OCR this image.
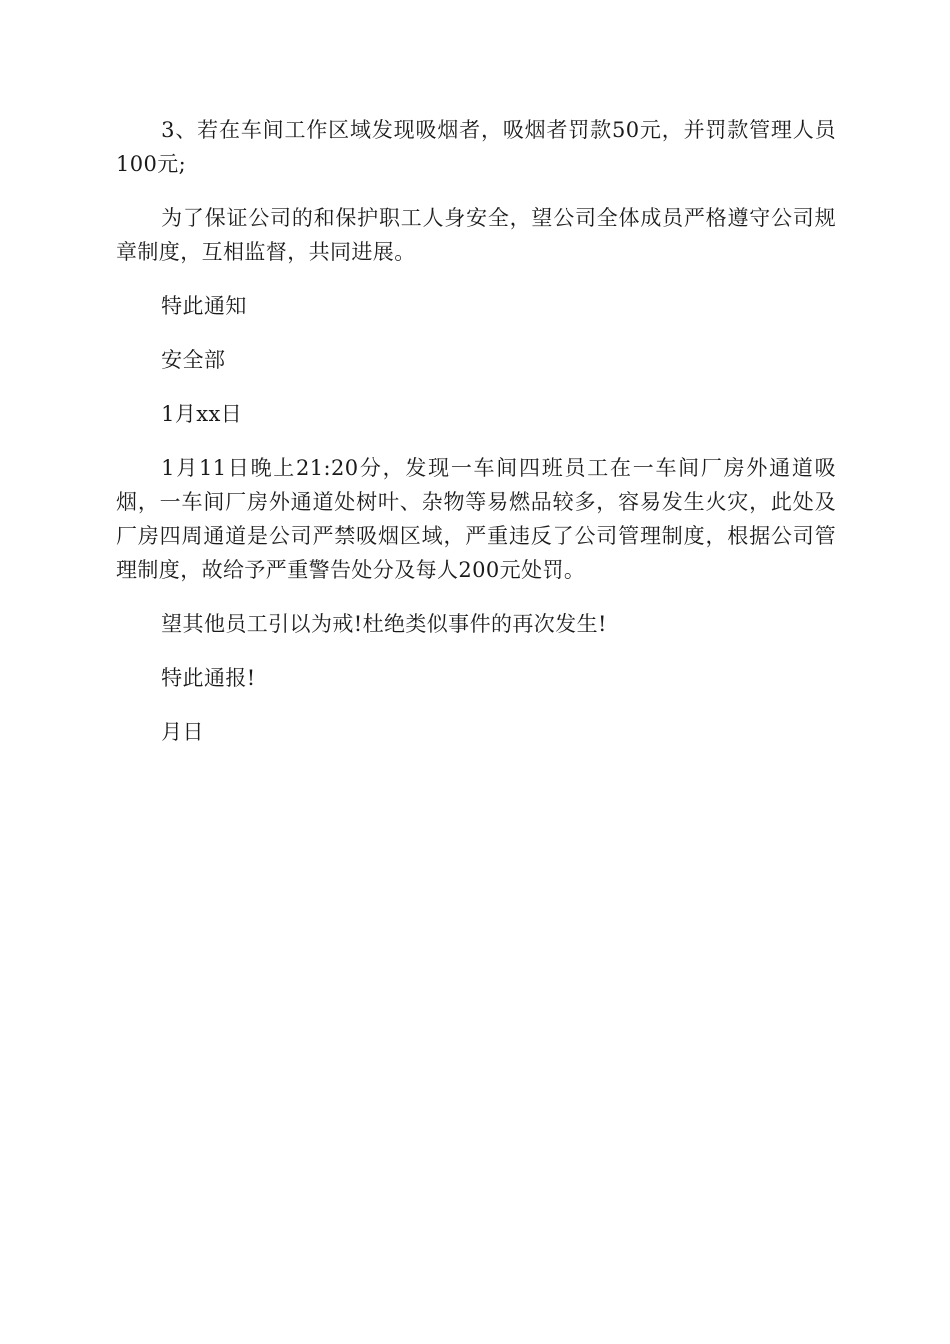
3、若在车间工作区域发现吸烟者，吸烟者罚款50元，并罚款管理人员100元;

为了保证公司的和保护职工人身安全，望公司全体成员严格遵守公司规章制度，互相监督，共同进展。

特此通知

安全部

1月xx日

1月11日晚上21:20分，发现一车间四班员工在一车间厂房外通道吸烟，一车间厂房外通道处树叶、杂物等易燃品较多，容易发生火灾，此处及厂房四周通道是公司严禁吸烟区域，严重违反了公司管理制度，根据公司管理制度，故给予严重警告处分及每人200元处罚。

望其他员工引以为戒!杜绝类似事件的再次发生!

特此通报!

月日
